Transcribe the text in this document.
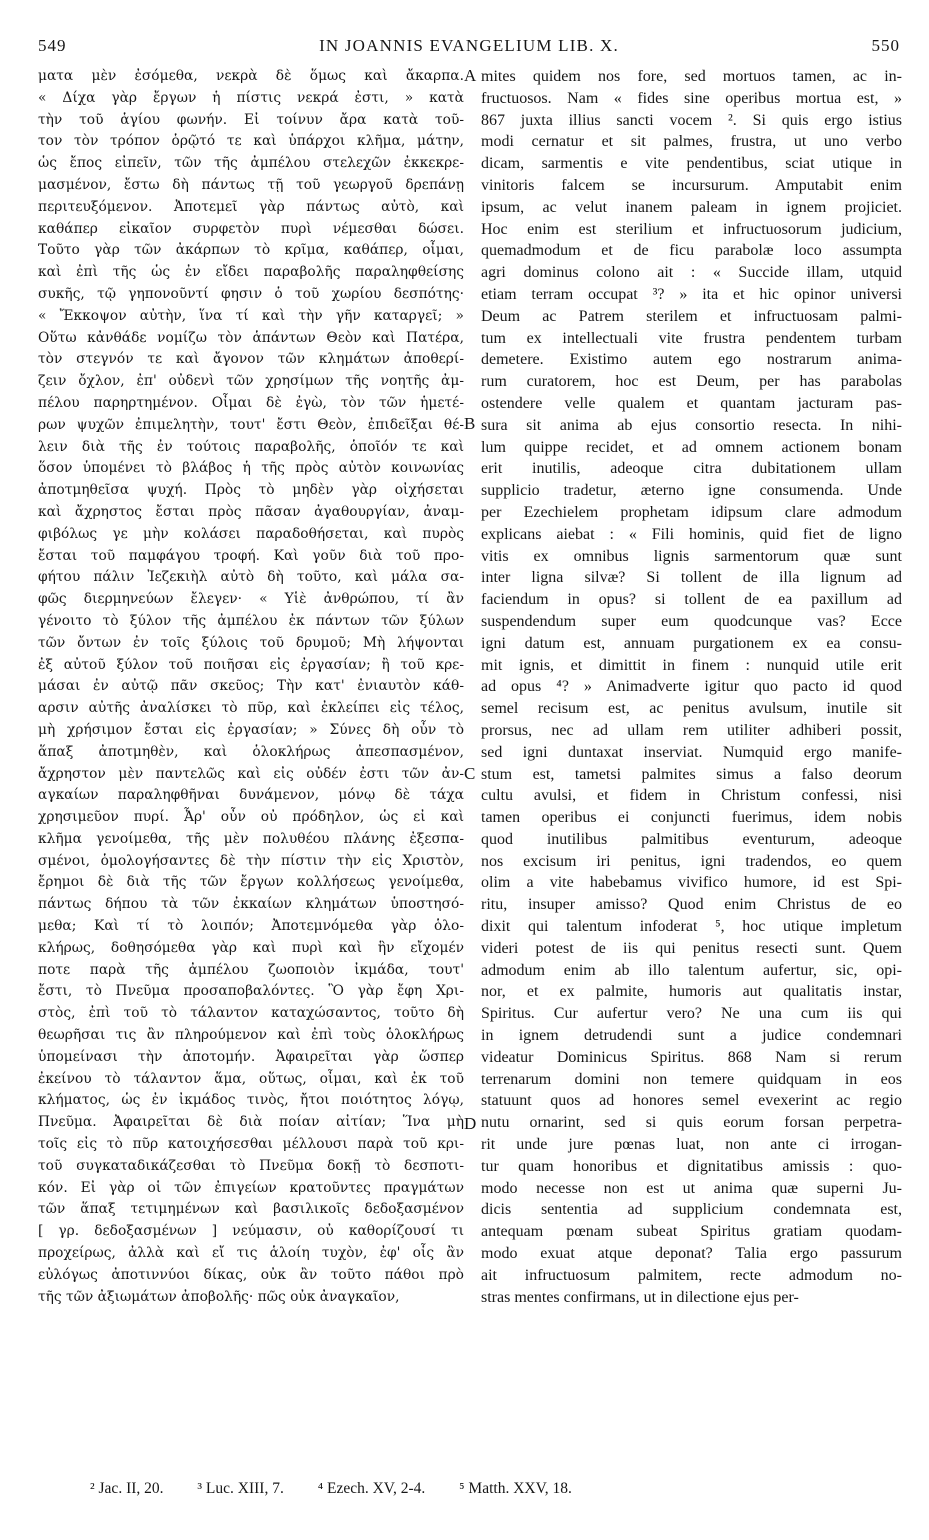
549	IN JOANNIS EVANGELIUM LIB. X.	550
ματα μὲν ἐσόμεθα, νεκρὰ δὲ ὅμως καὶ ἄκαρπα.
« Δίχα γὰρ ἔργων ἡ πίστις νεκρά ἐστι, » κατὰ
τὴν τοῦ ἁγίου φωνήν. Εἰ τοίνυν ἄρα κατὰ τοῦ-
τον τὸν τρόπον ὁρῷτό τε καὶ ὑπάρχοι κλῆμα, μάτην,
ὡς ἔπος εἰπεῖν, τῶν τῆς ἀμπέλου στελεχῶν ἐκκεκρε-
μασμένον, ἔστω δὴ πάντως τῇ τοῦ γεωργοῦ δρεπάνῃ
περιτευξόμενον. Ἀποτεμεῖ γὰρ πάντως αὐτὸ, καὶ
καθάπερ εἰκαῖον συρφετὸν πυρὶ νέμεσθαι δώσει.
Τοῦτο γὰρ τῶν ἀκάρπων τὸ κρῖμα, καθάπερ, οἶμαι,
καὶ ἐπὶ τῆς ὡς ἐν εἴδει παραβολῆς παραληφθείσης
συκῆς, τῷ γηπονοῦντί φησιν ὁ τοῦ χωρίου δεσπότης·
« Ἔκκοψον αὐτὴν, ἵνα τί καὶ τὴν γῆν καταργεῖ; »
Οὕτω κἀνθάδε νομίζω τὸν ἁπάντων Θεὸν καὶ Πατέρα,
τὸν στεγνόν τε καὶ ἄγονον τῶν κλημάτων ἀποθερί-
ζειν ὄχλον, ἐπ' οὐδενὶ τῶν χρησίμων τῆς νοητῆς ἀμ-
πέλου παρηρτημένον. Οἶμαι δὲ ἐγὼ, τὸν τῶν ἡμετέ-
ρων ψυχῶν ἐπιμελητὴν, τουτ' ἔστι Θεὸν, ἐπιδεῖξαι θέ-
λειν διὰ τῆς ἐν τούτοις παραβολῆς, ὁποῖόν τε καὶ
ὅσον ὑπομένει τὸ βλάβος ἡ τῆς πρὸς αὐτὸν κοινωνίας
ἀποτμηθεῖσα ψυχή. Πρὸς τὸ μηδὲν γὰρ οἰχήσεται
καὶ ἄχρηστος ἔσται πρὸς πᾶσαν ἀγαθουργίαν, ἀναμ-
φιβόλως γε μὴν κολάσει παραδοθήσεται, καὶ πυρὸς
ἔσται τοῦ παμφάγου τροφή. Καὶ γοῦν διὰ τοῦ προ-
φήτου πάλιν Ἰεζεκιὴλ αὐτὸ δὴ τοῦτο, καὶ μάλα σα-
φῶς διερμηνεύων ἔλεγεν· « Υἱὲ ἀνθρώπου, τί ἂν
γένοιτο τὸ ξύλον τῆς ἀμπέλου ἐκ πάντων τῶν ξύλων
τῶν ὄντων ἐν τοῖς ξύλοις τοῦ δρυμοῦ; Μὴ λήψονται
ἐξ αὐτοῦ ξύλον τοῦ ποιῆσαι εἰς ἐργασίαν; ἢ τοῦ κρε-
μάσαι ἐν αὐτῷ πᾶν σκεῦος; Τὴν κατ' ἐνιαυτὸν κάθ-
αρσιν αὐτῆς ἀναλίσκει τὸ πῦρ, καὶ ἐκλείπει εἰς τέλος,
μὴ χρήσιμον ἔσται εἰς ἐργασίαν; » Σύνες δὴ οὖν τὸ
ἅπαξ ἀποτμηθὲν, καὶ ὁλοκλήρως ἀπεσπασμένον,
ἄχρηστον μὲν παντελῶς καὶ εἰς οὐδέν ἐστι τῶν ἀν-
αγκαίων παραληφθῆναι δυνάμενον, μόνῳ δὲ τάχα
χρησιμεῦον πυρί. Ἆρ' οὖν οὐ πρόδηλον, ὡς εἰ καὶ
κλῆμα γενοίμεθα, τῆς μὲν πολυθέου πλάνης ἐξεσπα-
σμένοι, ὁμολογήσαντες δὲ τὴν πίστιν τὴν εἰς Χριστὸν,
ἔρημοι δὲ διὰ τῆς τῶν ἔργων κολλήσεως γενοίμεθα,
πάντως δήπου τὰ τῶν ἐκκαίων κλημάτων ὑποστησό-
μεθα; Καὶ τί τὸ λοιπόν; Ἀποτεμνόμεθα γὰρ ὁλο-
κλήρως, δοθησόμεθα γὰρ καὶ πυρὶ καὶ ἣν εἴχομέν
ποτε παρὰ τῆς ἀμπέλου ζωοποιὸν ἰκμάδα, τουτ'
ἔστι, τὸ Πνεῦμα προσαποβαλόντες. Ὃ γὰρ ἔφη Χρι-
στὸς, ἐπὶ τοῦ τὸ τάλαντον καταχώσαντος, τοῦτο δὴ
θεωρῆσαι τις ἂν πληρούμενον καὶ ἐπὶ τοὺς ὁλοκλήρως
ὑπομείνασι τὴν ἀποτομήν. Ἀφαιρεῖται γὰρ ὥσπερ
ἐκείνου τὸ τάλαντον ἅμα, οὕτως, οἶμαι, καὶ ἐκ τοῦ
κλήματος, ὡς ἐν ἰκμάδος τινὸς, ἤτοι ποιότητος λόγῳ,
Πνεῦμα. Ἀφαιρεῖται δὲ διὰ ποίαν αἰτίαν; Ἵνα μὴ
τοῖς εἰς τὸ πῦρ κατοιχήσεσθαι μέλλουσι παρὰ τοῦ κρι-
τοῦ συγκαταδικάζεσθαι τὸ Πνεῦμα δοκῇ τὸ δεσποτι-
κόν. Εἰ γὰρ οἱ τῶν ἐπιγείων κρατοῦντες πραγμάτων
τῶν ἅπαξ τετιμημένων καὶ βασιλικοῖς δεδοξασμένον
[ γρ. δεδοξασμένων ] νεύμασιν, οὐ καθορίζουσί τι
προχείρως, ἀλλὰ καὶ εἴ τις ἁλοίη τυχὸν, ἐφ' οἷς ἂν
εὐλόγως ἀποτιννύοι δίκας, οὐκ ἂν τοῦτο πάθοι πρὸ
τῆς τῶν ἀξιωμάτων ἀποβολῆς· πῶς οὐκ ἀναγκαῖον,
mites quidem nos fore, sed mortuos tamen, ac in-
fructuosos. Nam « fides sine operibus mortua est, »
867 juxta illius sancti vocem ². Si quis ergo istius
modi cernatur et sit palmes, frustra, ut uno verbo
dicam, sarmentis e vite pendentibus, sciat utique in
vinitoris falcem se incursurum. Amputabit enim
ipsum, ac velut inanem paleam in ignem projiciet.
Hoc enim est sterilium et infructuosorum judicium,
quemadmodum et de ficu parabolæ loco assumpta
agri dominus colono ait : « Succide illam, utquid
etiam terram occupat ³? » ita et hic opinor universi
Deum ac Patrem sterilem et infructuosam palmi-
tum ex intellectuali vite frustra pendentem turbam
demetere. Existimo autem ego nostrarum anima-
rum curatorem, hoc est Deum, per has parabolas
ostendere velle qualem et quantam jacturam pas-
sura sit anima ab ejus consortio resecta. In nihi-
lum quippe recidet, et ad omnem actionem bonam
erit inutilis, adeoque citra dubitationem ullam
supplicio tradetur, æterno igne consumenda. Unde
per Ezechielem prophetam idipsum clare admodum
explicans aiebat : « Fili hominis, quid fiet de ligno
vitis ex omnibus lignis sarmentorum quæ sunt
inter ligna silvæ? Si tollent de illa lignum ad
faciendum in opus? si tollent de ea paxillum ad
suspendendum super eum quodcunque vas? Ecce
igni datum est, annuam purgationem ex ea consu-
mit ignis, et dimittit in finem : nunquid utile erit
ad opus ⁴? » Animadverte igitur quo pacto id quod
semel recisum est, ac penitus avulsum, inutile sit
prorsus, nec ad ullam rem utiliter adhiberi possit,
sed igni duntaxat inserviat. Numquid ergo manife-
stum est, tametsi palmites simus a falso deorum
cultu avulsi, et fidem in Christum confessi, nisi
tamen operibus ei conjuncti fuerimus, idem nobis
quod inutilibus palmitibus eventurum, adeoque
nos excisum iri penitus, igni tradendos, eo quem
olim a vite habebamus vivifico humore, id est Spi-
ritu, insuper amisso? Quod enim Christus de eo
dixit qui talentum infoderat ⁵, hoc utique impletum
videri potest de iis qui penitus resecti sunt. Quem
admodum enim ab illo talentum aufertur, sic, opi-
nor, et ex palmite, humoris aut qualitatis instar,
Spiritus. Cur aufertur vero? Ne una cum iis qui
in ignem detrudendi sunt a judice condemnari
videatur Dominicus Spiritus. 868 Nam si rerum
terrenarum domini non temere quidquam in eos
statuunt quos ad honores semel evexerint ac regio
nutu ornarint, sed si quis eorum forsan perpetra-
rit unde jure pœnas luat, non ante ci irrogan-
tur quam honoribus et dignitatibus amissis : quo-
modo necesse non est ut anima quæ superni Ju-
dicis sententia ad supplicium condemnata est,
antequam pœnam subeat Spiritus gratiam quodam-
modo exuat atque deponat? Talia ergo passurum
ait infructuosum palmitem, recte admodum no-
stras mentes confirmans, ut in dilectione ejus per-
A
B
C
D
² Jac. II, 20. ³ Luc. XIII, 7. ⁴ Ezech. XV, 2-4. ⁵ Matth. XXV, 18.
